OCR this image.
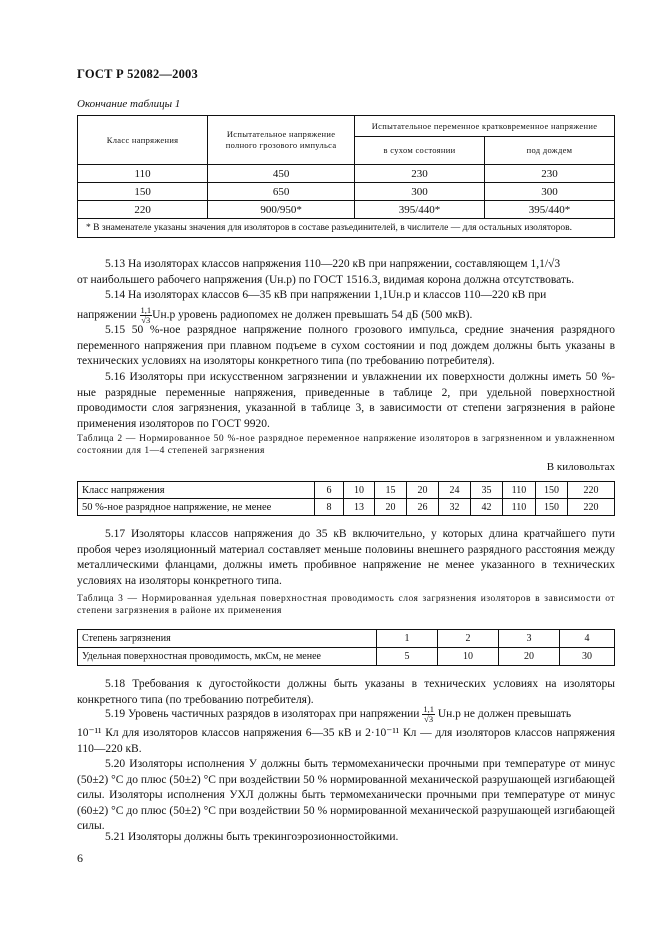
ГОСТ Р 52082—2003
Окончание таблицы 1
Класс напряжения	Испытательное напряжение полного грозового импульса	Испытательное переменное кратковременное напряжение	
		в сухом состоянии	под дождем
110	450	230	230
150	650	300	300
220	900/950*	395/440*	395/440*
* В знаменателе указаны значения для изоляторов в составе разъединителей, в числителе — для остальных изоляторов.			
5.13 На изоляторах классов напряжения 110—220 кВ при напряжении, составляющем 1,1/√3
от наибольшего рабочего напряжения (Uн.р) по ГОСТ 1516.3, видимая корона должна отсутствовать.
5.14 На изоляторах классов 6—35 кВ при напряжении 1,1Uн.р и классов 110—220 кВ при
напряжении $\frac{1,1}{√3} Uн.р$ уровень радиопомех не должен превышать 54 дБ (500 мкВ).
5.15 50 %-ное разрядное напряжение полного грозового импульса, средние значения разрядного переменного напряжения при плавном подъеме в сухом состоянии и под дождем должны быть указаны в технических условиях на изоляторы конкретного типа (по требованию потребителя).
5.16 Изоляторы при искусственном загрязнении и увлажнении их поверхности должны иметь 50 %-ные разрядные переменные напряжения, приведенные в таблице 2, при удельной поверхностной проводимости слоя загрязнения, указанной в таблице 3, в зависимости от степени загрязнения в районе применения изоляторов по ГОСТ 9920.
Таблица 2 — Нормированное 50 %-ное разрядное переменное напряжение изоляторов в загрязненном и увлажненном состоянии для 1—4 степеней загрязнения
В киловольтах
Класс напряжения	6	10	15	20	24	35	110	150	220
50 %-ное разрядное напряжение, не менее	8	13	20	26	32	42	110	150	220
5.17 Изоляторы классов напряжения до 35 кВ включительно, у которых длина кратчайшего пути пробоя через изоляционный материал составляет меньше половины внешнего разрядного расстояния между металлическими фланцами, должны иметь пробивное напряжение не менее указанного в технических условиях на изоляторы конкретного типа.
Таблица 3 — Нормированная удельная поверхностная проводимость слоя загрязнения изоляторов в зависимости от степени загрязнения в районе их применения
Степень загрязнения	1	2	3	4
Удельная поверхностная проводимость, мкСм, не менее	5	10	20	30
5.18 Требования к дугостойкости должны быть указаны в технических условиях на изоляторы конкретного типа (по требованию потребителя).
5.19 Уровень частичных разрядов в изоляторах при напряжении $\frac{1,1}{√3} Uн.р$ не должен превышать
10⁻¹¹ Кл для изоляторов классов напряжения 6—35 кВ и 2·10⁻¹¹ Кл — для изоляторов классов напряжения 110—220 кВ.
5.20 Изоляторы исполнения У должны быть термомеханически прочными при температуре от минус (50±2) °С до плюс (50±2) °С при воздействии 50 % нормированной механической разрушающей изгибающей силы. Изоляторы исполнения УХЛ должны быть термомеханически прочными при температуре от минус (60±2) °С до плюс (50±2) °С при воздействии 50 % нормированной механической разрушающей изгибающей силы.
5.21 Изоляторы должны быть трекингоэрозионностойкими.
6
